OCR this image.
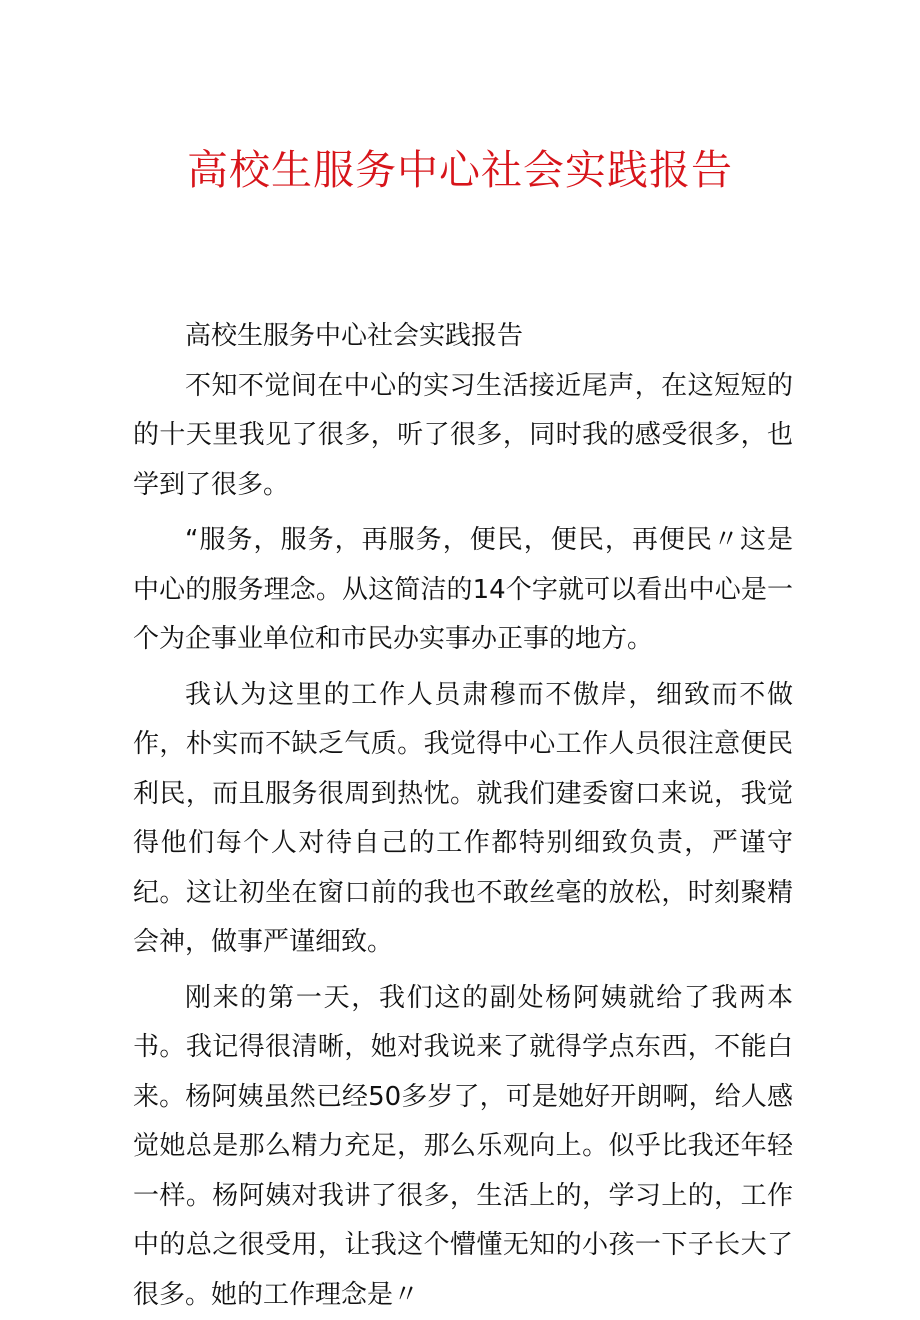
高校生服务中心社会实践报告

高校生服务中心社会实践报告

不知不觉间在中心的实习生活接近尾声，在这短短的的十天里我见了很多，听了很多，同时我的感受很多，也学到了很多。

“服务，服务，再服务，便民，便民，再便民〃这是中心的服务理念。从这简洁的14个字就可以看出中心是一个为企事业单位和市民办实事办正事的地方。

我认为这里的工作人员肃穆而不傲岸，细致而不做作，朴实而不缺乏气质。我觉得中心工作人员很注意便民利民，而且服务很周到热忱。就我们建委窗口来说，我觉得他们每个人对待自己的工作都特别细致负责，严谨守纪。这让初坐在窗口前的我也不敢丝毫的放松，时刻聚精会神，做事严谨细致。

刚来的第一天，我们这的副处杨阿姨就给了我两本书。我记得很清晰，她对我说来了就得学点东西，不能白来。杨阿姨虽然已经50多岁了，可是她好开朗啊，给人感觉她总是那么精力充足，那么乐观向上。似乎比我还年轻一样。杨阿姨对我讲了很多，生活上的，学习上的，工作中的总之很受用，让我这个懵懂无知的小孩一下子长大了很多。她的工作理念是〃
